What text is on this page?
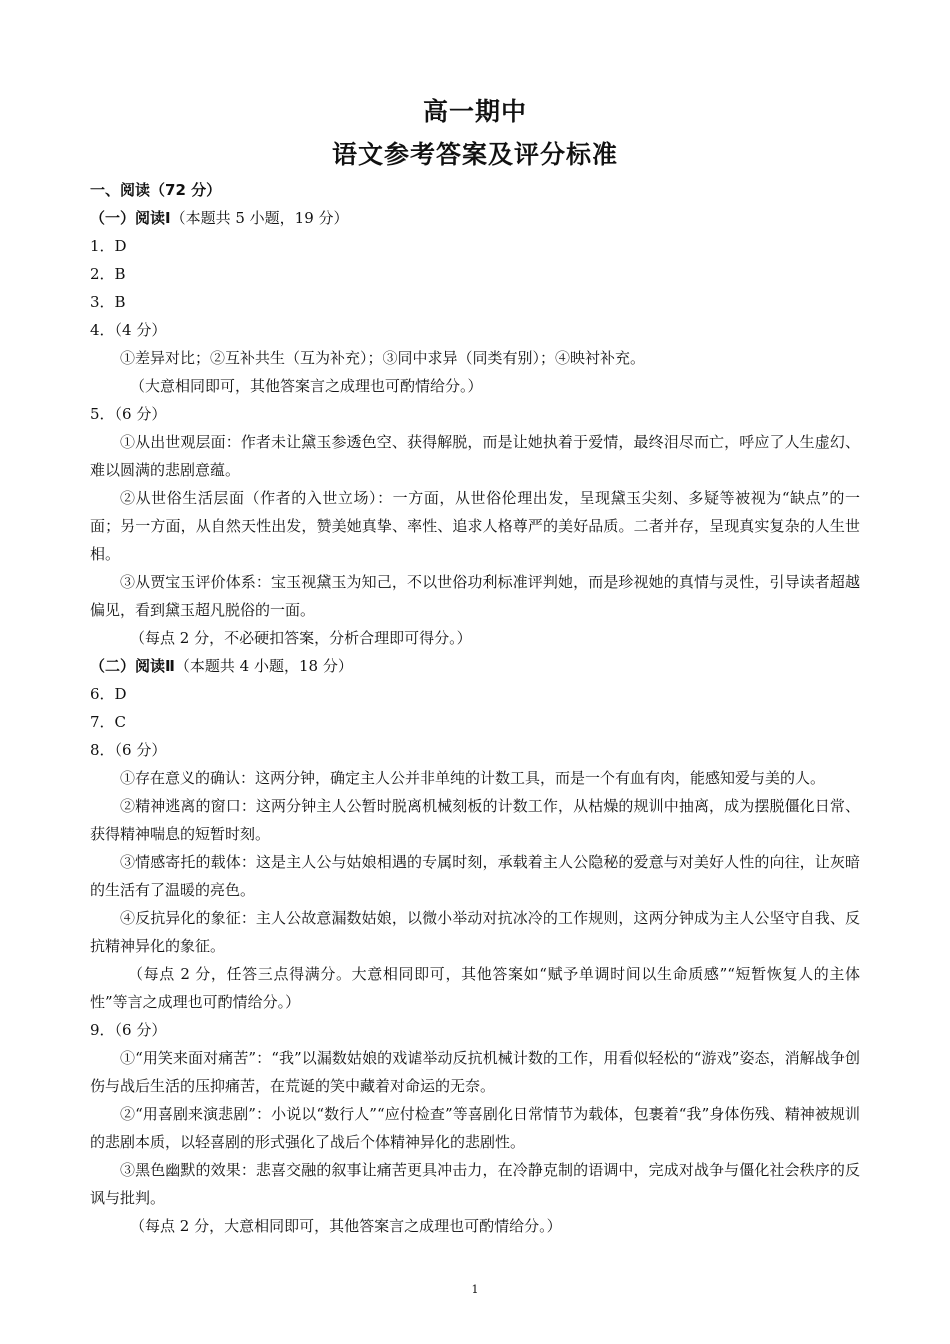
高一期中
语文参考答案及评分标准
一、阅读（72 分）
（一）阅读Ⅰ（本题共 5 小题，19 分）
1．D
2．B
3．B
4．（4 分）
①差异对比；②互补共生（互为补充）；③同中求异（同类有别）；④映衬补充。
（大意相同即可，其他答案言之成理也可酌情给分。）
5．（6 分）
①从出世观层面：作者未让黛玉参透色空、获得解脱，而是让她执着于爱情，最终泪尽而亡，呼应了人生虚幻、难以圆满的悲剧意蕴。
②从世俗生活层面（作者的入世立场）：一方面，从世俗伦理出发，呈现黛玉尖刻、多疑等被视为“缺点”的一面；另一方面，从自然天性出发，赞美她真挚、率性、追求人格尊严的美好品质。二者并存，呈现真实复杂的人生世相。
③从贾宝玉评价体系：宝玉视黛玉为知己，不以世俗功利标准评判她，而是珍视她的真情与灵性，引导读者超越偏见，看到黛玉超凡脱俗的一面。
（每点 2 分，不必硬扣答案，分析合理即可得分。）
（二）阅读Ⅱ（本题共 4 小题，18 分）
6．D
7．C
8．（6 分）
①存在意义的确认：这两分钟，确定主人公并非单纯的计数工具，而是一个有血有肉，能感知爱与美的人。
②精神逃离的窗口：这两分钟主人公暂时脱离机械刻板的计数工作，从枯燥的规训中抽离，成为摆脱僵化日常、获得精神喘息的短暂时刻。
③情感寄托的载体：这是主人公与姑娘相遇的专属时刻，承载着主人公隐秘的爱意与对美好人性的向往，让灰暗的生活有了温暖的亮色。
④反抗异化的象征：主人公故意漏数姑娘，以微小举动对抗冰冷的工作规则，这两分钟成为主人公坚守自我、反抗精神异化的象征。
（每点 2 分，任答三点得满分。大意相同即可，其他答案如“赋予单调时间以生命质感”“短暂恢复人的主体性”等言之成理也可酌情给分。）
9．（6 分）
①“用笑来面对痛苦”：“我”以漏数姑娘的戏谑举动反抗机械计数的工作，用看似轻松的“游戏”姿态，消解战争创伤与战后生活的压抑痛苦，在荒诞的笑中藏着对命运的无奈。
②“用喜剧来演悲剧”：小说以“数行人”“应付检查”等喜剧化日常情节为载体，包裹着“我”身体伤残、精神被规训的悲剧本质，以轻喜剧的形式强化了战后个体精神异化的悲剧性。
③黑色幽默的效果：悲喜交融的叙事让痛苦更具冲击力，在冷静克制的语调中，完成对战争与僵化社会秩序的反讽与批判。
（每点 2 分，大意相同即可，其他答案言之成理也可酌情给分。）
1
